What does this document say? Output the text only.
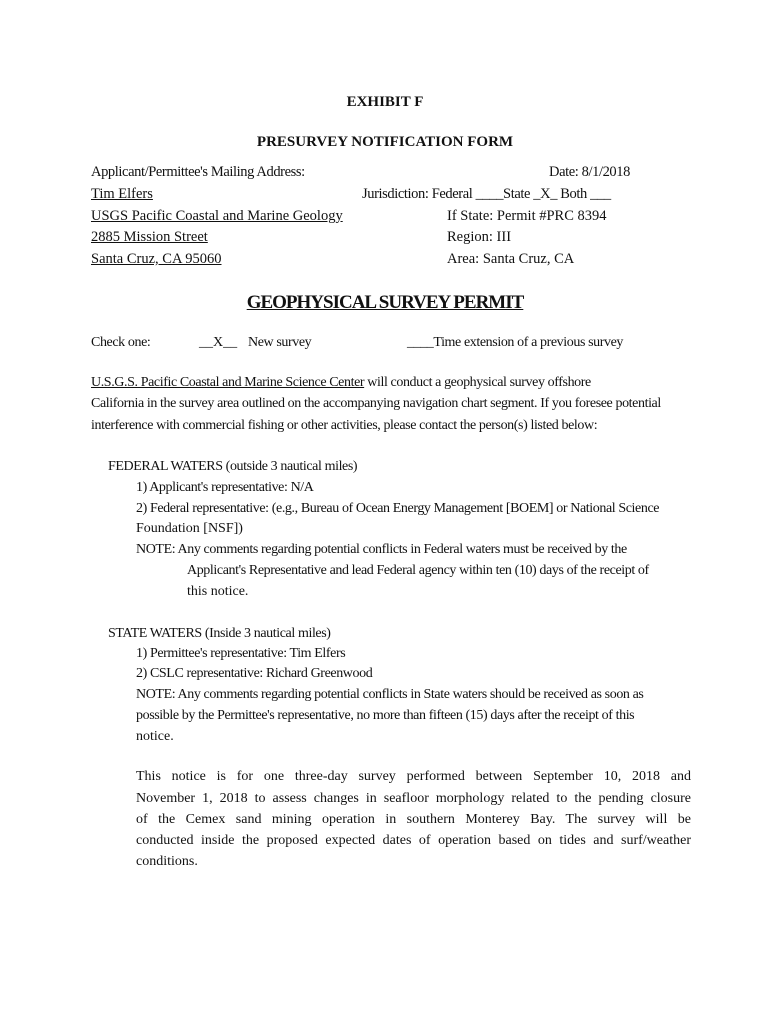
EXHIBIT F
PRESURVEY NOTIFICATION FORM
Applicant/Permittee's Mailing Address:
Tim Elfers
USGS Pacific Coastal and Marine Geology
2885 Mission Street
Santa Cruz, CA 95060
Date: 8/1/2018
Jurisdiction: Federal ____State _X_ Both ___
If State: Permit #PRC 8394
Region: III
Area: Santa Cruz, CA
GEOPHYSICAL SURVEY PERMIT
Check one:	__X__ New survey	____Time extension of a previous survey
U.S.G.S. Pacific Coastal and Marine Science Center will conduct a geophysical survey offshore
California in the survey area outlined on the accompanying navigation chart segment. If you foresee potential
interference with commercial fishing or other activities, please contact the person(s) listed below:
FEDERAL WATERS (outside 3 nautical miles)
1) Applicant's representative: N/A
2) Federal representative: (e.g., Bureau of Ocean Energy Management [BOEM] or National Science
Foundation [NSF])
NOTE: Any comments regarding potential conflicts in Federal waters must be received by the
Applicant's Representative and lead Federal agency within ten (10) days of the receipt of
this notice.
STATE WATERS (Inside 3 nautical miles)
1) Permittee's representative: Tim Elfers
2) CSLC representative: Richard Greenwood
NOTE: Any comments regarding potential conflicts in State waters should be received as soon as
possible by the Permittee's representative, no more than fifteen (15) days after the receipt of this
notice.
This notice is for one three-day survey performed between September 10, 2018 and
November 1, 2018 to assess changes in seafloor morphology related to the pending closure
of the Cemex sand mining operation in southern Monterey Bay. The survey will be
conducted inside the proposed expected dates of operation based on tides and surf/weather
conditions.
